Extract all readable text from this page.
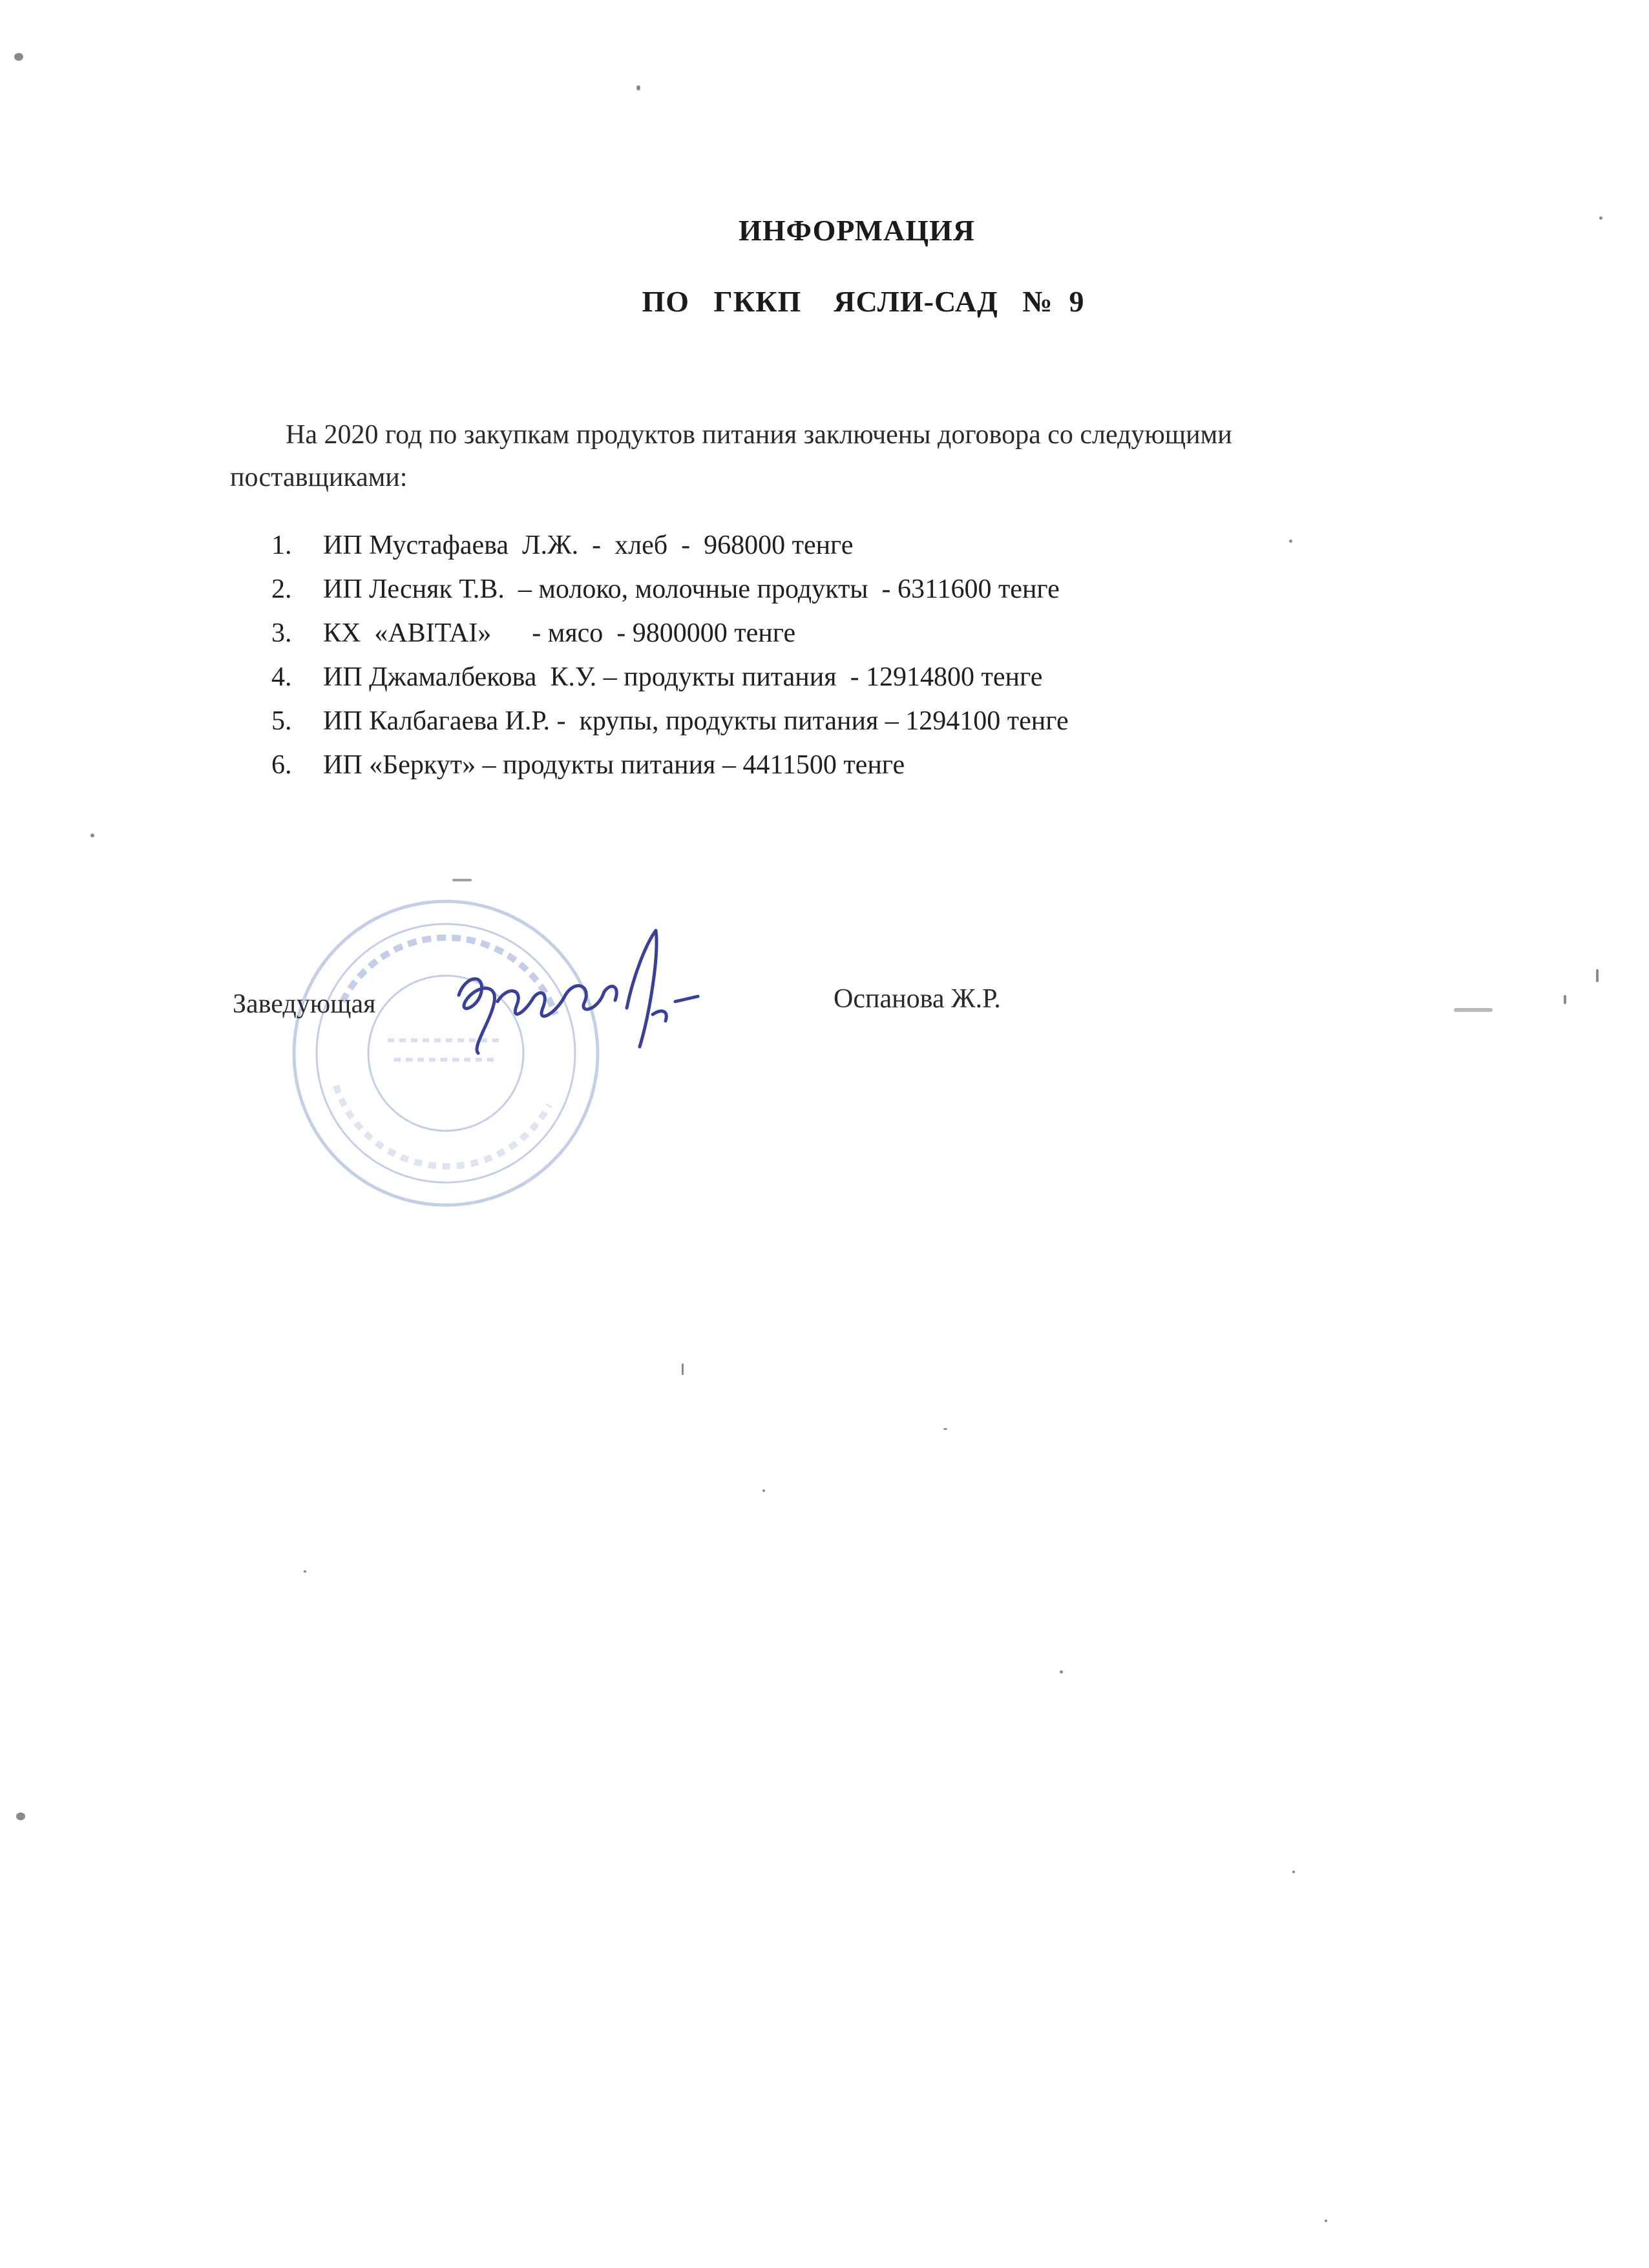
ИНФОРМАЦИЯ
ПО   ГККП    ЯСЛИ-САД   №  9
На 2020 год по закупкам продуктов питания заключены договора со следующими поставщиками:
1. ИП Мустафаева  Л.Ж.  -  хлеб  -  968000 тенге
2. ИП Лесняк Т.В.  – молоко, молочные продукты  - 6311600 тенге
3. КХ  «ABITAI»      - мясо  - 9800000 тенге
4. ИП Джамалбекова  К.У. – продукты питания  - 12914800 тенге
5. ИП Калбагаева И.Р. -  крупы, продукты питания – 1294100 тенге
6. ИП «Беркут» – продукты питания – 4411500 тенге
Заведующая	Оспанова Ж.Р.
